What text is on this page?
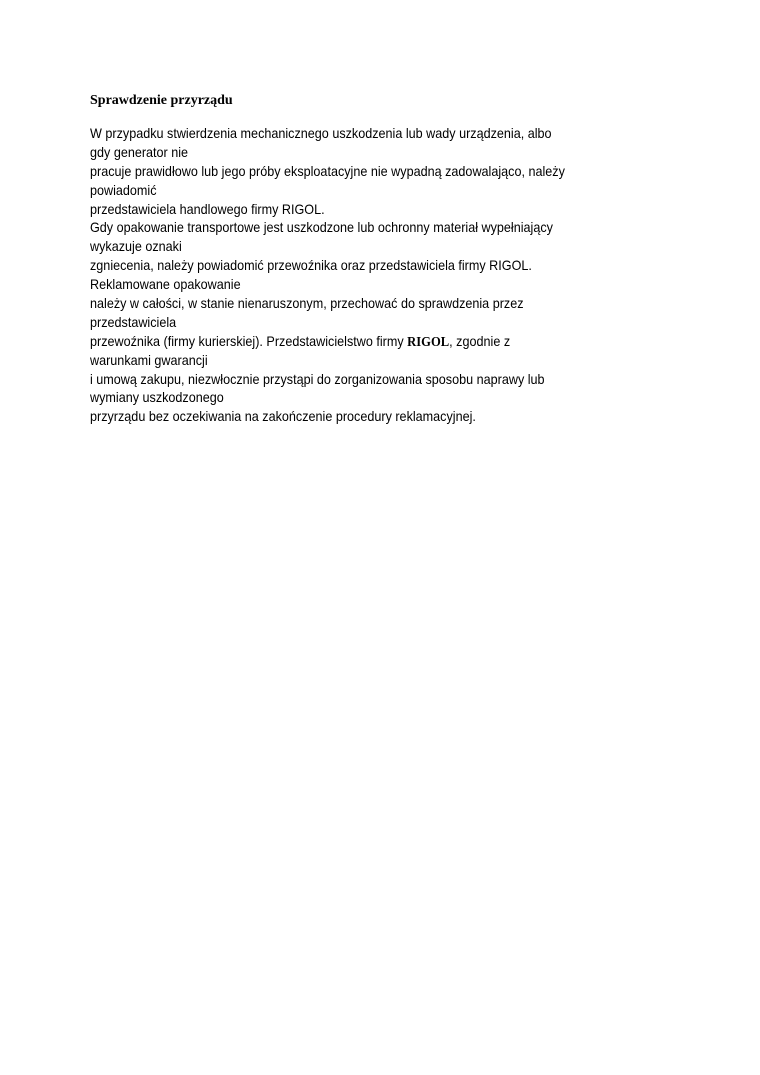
Sprawdzenie przyrządu
W przypadku stwierdzenia mechanicznego uszkodzenia lub wady urządzenia, albo
gdy generator nie
pracuje prawidłowo lub jego próby eksploatacyjne nie wypadną zadowalająco, należy
powiadomić
przedstawiciela handlowego firmy RIGOL.
Gdy opakowanie transportowe jest uszkodzone lub ochronny materiał wypełniający
wykazuje oznaki
zgniecenia, należy powiadomić przewoźnika oraz przedstawiciela firmy RIGOL.
Reklamowane opakowanie
należy w całości, w stanie nienaruszonym, przechować do sprawdzenia przez
przedstawiciela
przewoźnika (firmy kurierskiej). Przedstawicielstwo firmy RIGOL, zgodnie z
warunkami gwarancji
i umową zakupu, niezwłocznie przystąpi do zorganizowania sposobu naprawy lub
wymiany uszkodzonego
przyrządu bez oczekiwania na zakończenie procedury reklamacyjnej.
